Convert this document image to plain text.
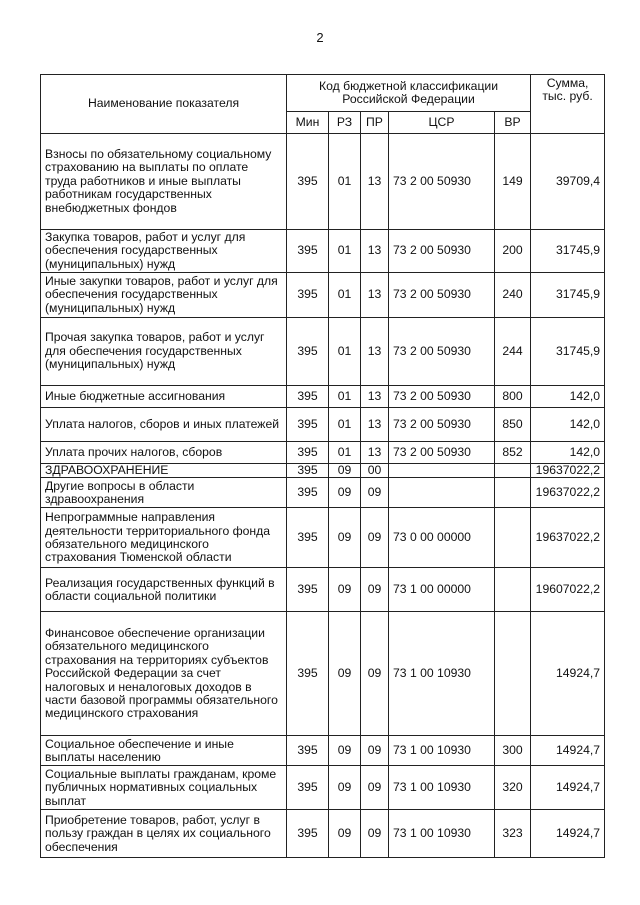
2
Наименование показателя	Код бюджетной классификации Российской Федерации					Сумма, тыс. руб.
	Мин	РЗ	ПР	ЦСР	ВР	
Взносы по обязательному социальному страхованию на выплаты по оплате труда работников и иные выплаты работникам государственных внебюджетных фондов	395	01	13	73 2 00 50930	149	39709,4
Закупка товаров, работ и услуг для обеспечения государственных (муниципальных) нужд	395	01	13	73 2 00 50930	200	31745,9
Иные закупки товаров, работ и услуг для обеспечения государственных (муниципальных) нужд	395	01	13	73 2 00 50930	240	31745,9
Прочая закупка товаров, работ и услуг для обеспечения государственных (муниципальных) нужд	395	01	13	73 2 00 50930	244	31745,9
Иные бюджетные ассигнования	395	01	13	73 2 00 50930	800	142,0
Уплата налогов, сборов и иных платежей	395	01	13	73 2 00 50930	850	142,0
Уплата прочих налогов, сборов	395	01	13	73 2 00 50930	852	142,0
ЗДРАВООХРАНЕНИЕ	395	09	00			19637022,2
Другие вопросы в области здравоохранения	395	09	09			19637022,2
Непрограммные направления деятельности территориального фонда обязательного медицинского страхования Тюменской области	395	09	09	73 0 00 00000		19637022,2
Реализация государственных функций в области социальной политики	395	09	09	73 1 00 00000		19607022,2
Финансовое обеспечение организации обязательного медицинского страхования на территориях субъектов Российской Федерации за счет налоговых и неналоговых доходов в части базовой программы обязательного медицинского страхования	395	09	09	73 1 00 10930		14924,7
Социальное обеспечение и иные выплаты населению	395	09	09	73 1 00 10930	300	14924,7
Социальные выплаты гражданам, кроме публичных нормативных социальных выплат	395	09	09	73 1 00 10930	320	14924,7
Приобретение товаров, работ, услуг в пользу граждан в целях их социального обеспечения	395	09	09	73 1 00 10930	323	14924,7
